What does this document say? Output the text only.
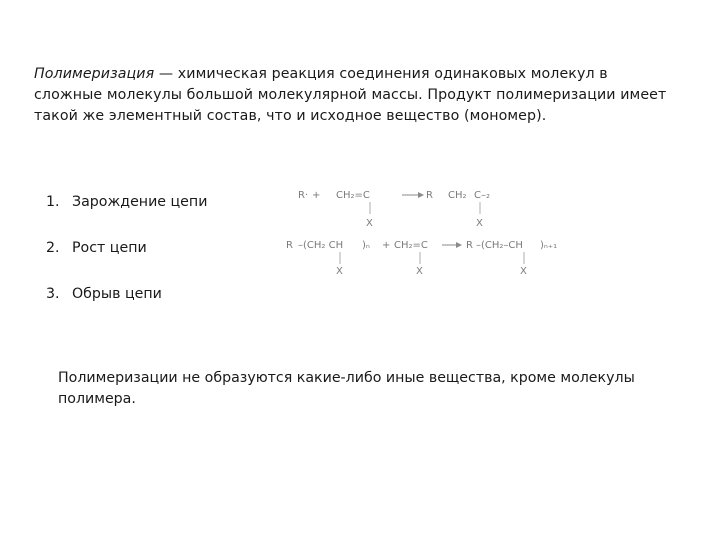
Полимеризация — химическая реакция соединения одинаковых молекул в сложные молекулы большой молекулярной массы. Продукт полимеризации имеет такой же элементный состав, что и исходное вещество (мономер).

1. Зарождение цепи
2. Рост цепи
3. Обрыв цепи
R· + CH₂=C
X
R CH₂ C–₂
X
R –(CH₂ CH )ₙ
X
+ CH₂=C
X
R –(CH₂–CH )ₙ₊₁
X

Полимеризации не образуются какие-либо иные вещества, кроме молекулы полимера.
